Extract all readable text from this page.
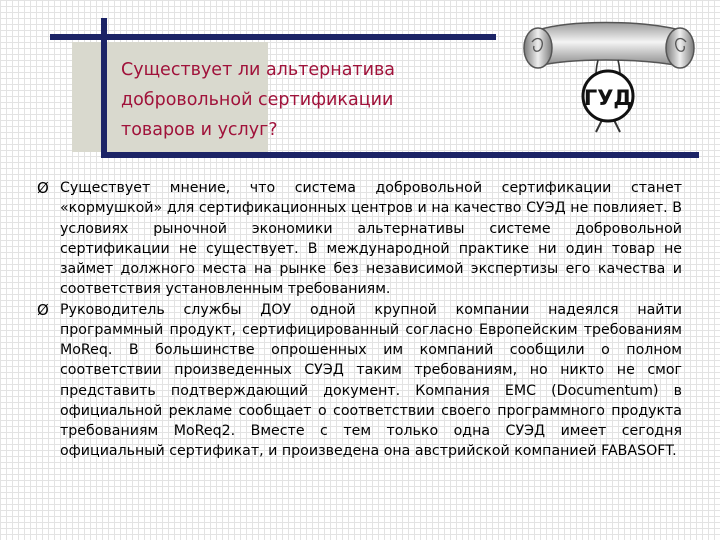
Существует ли альтернатива
добровольной сертификации
товаров и услуг?
ГУД
Ø Существует мнение, что система добровольной сертификации станет «кормушкой» для сертификационных центров и на качество СУЭД не повлияет. В условиях рыночной экономики альтернативы системе добровольной сертификации не существует. В международной практике ни один товар не займет должного места на рынке без независимой экспертизы его качества и соответствия установленным требованиям.
Ø Руководитель службы ДОУ одной крупной компании надеялся найти программный продукт, сертифицированный согласно Европейским требованиям MoReq. В большинстве опрошенных им компаний сообщили о полном соответствии произведенных СУЭД таким требованиям, но никто не смог представить подтверждающий документ. Компания ЕМС (Documentum) в официальной рекламе сообщает о соответствии своего программного продукта требованиям MoReq2. Вместе с тем только одна СУЭД имеет сегодня официальный сертификат, и произведена она австрийской компанией FABASOFT.
